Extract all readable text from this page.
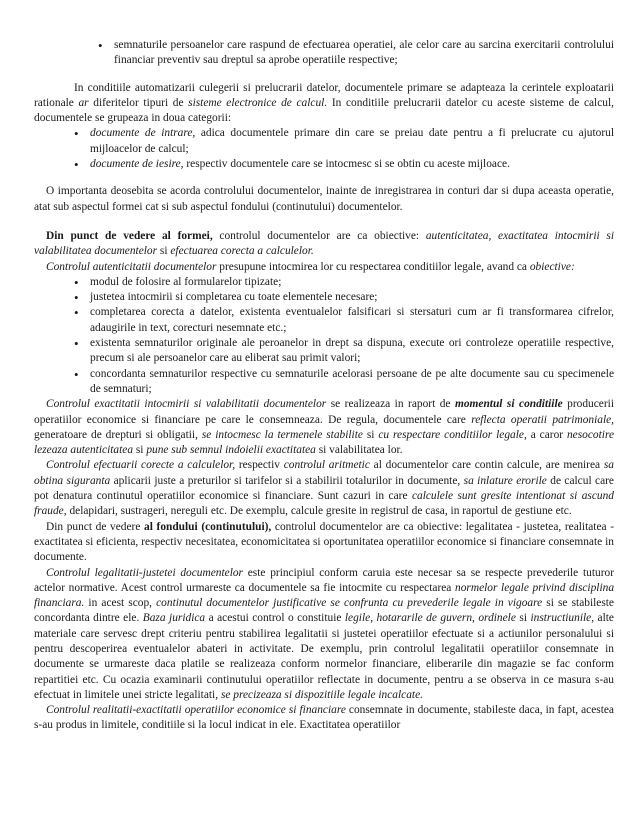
• semnaturile persoanelor care raspund de efectuarea operatiei, ale celor care au sarcina exercitarii controlului financiar preventiv sau dreptul sa aprobe operatiile respective;

In conditiile automatizarii culegerii si prelucrarii datelor, documentele primare se adapteaza la cerintele exploatarii rationale ar diferitelor tipuri de sisteme electronice de calcul. In conditiile prelucrarii datelor cu aceste sisteme de calcul, documentele se grupeaza in doua categorii:

• documente de intrare, adica documentele primare din care se preiau date pentru a fi prelucrate cu ajutorul mijloacelor de calcul;
• documente de iesire, respectiv documentele care se intocmesc si se obtin cu aceste mijloace.

O importanta deosebita se acorda controlului documentelor, inainte de inregistrarea in conturi dar si dupa aceasta operatie, atat sub aspectul formei cat si sub aspectul fondului (continutului) documentelor.

Din punct de vedere al formei, controlul documentelor are ca obiective: autenticitatea, exactitatea intocmirii si valabilitatea documentelor si efectuarea corecta a calculelor.

Controlul autenticitatii documentelor presupune intocmirea lor cu respectarea conditiilor legale, avand ca obiective:

• modul de folosire al formularelor tipizate;
• justetea intocmirii si completarea cu toate elementele necesare;
• completarea corecta a datelor, existenta eventualelor falsificari si stersaturi cum ar fi transformarea cifrelor, adaugirile in text, corecturi nesemnate etc.;
• existenta semnaturilor originale ale peroanelor in drept sa dispuna, execute ori controleze operatiile respective, precum si ale persoanelor care au eliberat sau primit valori;
• concordanta semnaturilor respective cu semnaturile acelorasi persoane de pe alte documente sau cu specimenele de semnaturi;

Controlul exactitatii intocmirii si valabilitatii documentelor se realizeaza in raport de momentul si conditiile producerii operatiilor economice si financiare pe care le consemneaza. De regula, documentele care reflecta operatii patrimoniale, generatoare de drepturi si obligatii, se intocmesc la termenele stabilite si cu respectare conditiilor legale, a caror nesocotire lezeaza autenticitatea si pune sub semnul indoielii exactitatea si valabilitatea lor.

Controlul efectuarii corecte a calculelor, respectiv controlul aritmetic al documentelor care contin calcule, are menirea sa obtina siguranta aplicarii juste a preturilor si tarifelor si a stabilirii totalurilor in documente, sa inlature erorile de calcul care pot denatura continutul operatiilor economice si financiare. Sunt cazuri in care calculele sunt gresite intentionat si ascund fraude, delapidari, sustrageri, nereguli etc. De exemplu, calcule gresite in registrul de casa, in raportul de gestiune etc.

Din punct de vedere al fondului (continutului), controlul documentelor are ca obiective: legalitatea - justetea, realitatea -exactitatea si eficienta, respectiv necesitatea, economicitatea si oportunitatea operatiilor economice si financiare consemnate in documente.

Controlul legalitatii-justetei documentelor este principiul conform caruia este necesar sa se respecte prevederile tuturor actelor normative. Acest control urmareste ca documentele sa fie intocmite cu respectarea normelor legale privind disciplina financiara. in acest scop, continutul documentelor justificative se confrunta cu prevederile legale in vigoare si se stabileste concordanta dintre ele. Baza juridica a acestui control o constituie legile, hotararile de guvern, ordinele si instructiunile, alte materiale care servesc drept criteriu pentru stabilirea legalitatii si justetei operatiilor efectuate si a actiunilor personalului si pentru descoperirea eventualelor abateri in activitate. De exemplu, prin controlul legalitatii operatiilor consemnate in documente se urmareste daca platile se realizeaza conform normelor financiare, eliberarile din magazie se fac conform repartitiei etc. Cu ocazia examinarii continutului operatiilor reflectate in documente, pentru a se observa in ce masura s-au efectuat in limitele unei stricte legalitati, se precizeaza si dispozitiile legale incalcate.

Controlul realitatii-exactitatii operatiilor economice si financiare consemnate in documente, stabileste daca, in fapt, acestea s-au produs in limitele, conditiile si la locul indicat in ele. Exactitatea operatiilor
